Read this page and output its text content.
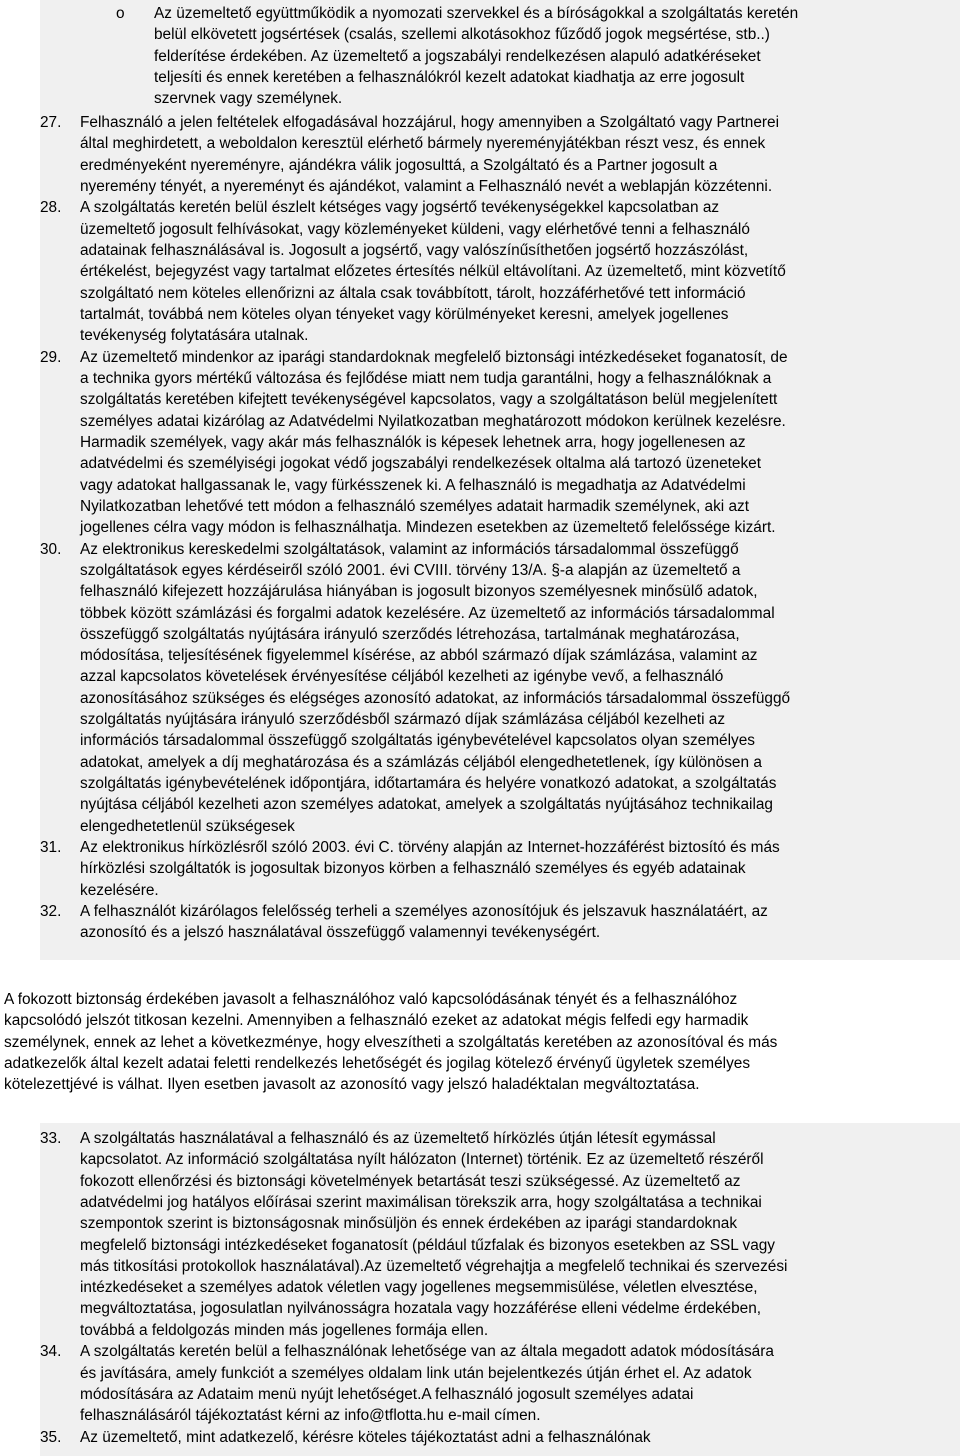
o Az üzemeltető együttműködik a nyomozati szervekkel és a bíróságokkal a szolgáltatás keretén
belül elkövetett jogsértések (csalás, szellemi alkotásokhoz fűződő jogok megsértése, stb..)
felderítése érdekében. Az üzemeltető a jogszabályi rendelkezésen alapuló adatkéréseket
teljesíti és ennek keretében a felhasználókról kezelt adatokat kiadhatja az erre jogosult
szervnek vagy személynek.
27. Felhasználó a jelen feltételek elfogadásával hozzájárul, hogy amennyiben a Szolgáltató vagy Partnerei
által meghirdetett, a weboldalon keresztül elérhető bármely nyereményjátékban részt vesz, és ennek
eredményeként nyereményre, ajándékra válik jogosulttá, a Szolgáltató és a Partner jogosult a
nyeremény tényét, a nyereményt és ajándékot, valamint a Felhasználó nevét a weblapján közzétenni.
28. A szolgáltatás keretén belül észlelt kétséges vagy jogsértő tevékenységekkel kapcsolatban az
üzemeltető jogosult felhívásokat, vagy közleményeket küldeni, vagy elérhetővé tenni a felhasználó
adatainak felhasználásával is. Jogosult a jogsértő, vagy valószínűsíthetően jogsértő hozzászólást,
értékelést, bejegyzést vagy tartalmat előzetes értesítés nélkül eltávolítani. Az üzemeltető, mint közvetítő
szolgáltató nem köteles ellenőrizni az általa csak továbbított, tárolt, hozzáférhetővé tett információ
tartalmát, továbbá nem köteles olyan tényeket vagy körülményeket keresni, amelyek jogellenes
tevékenység folytatására utalnak.
29. Az üzemeltető mindenkor az iparági standardoknak megfelelő biztonsági intézkedéseket foganatosít, de
a technika gyors mértékű változása és fejlődése miatt nem tudja garantálni, hogy a felhasználóknak a
szolgáltatás keretében kifejtett tevékenységével kapcsolatos, vagy a szolgáltatáson belül megjelenített
személyes adatai kizárólag az Adatvédelmi Nyilatkozatban meghatározott módokon kerülnek kezelésre.
Harmadik személyek, vagy akár más felhasználók is képesek lehetnek arra, hogy jogellenesen az
adatvédelmi és személyiségi jogokat védő jogszabályi rendelkezések oltalma alá tartozó üzeneteket
vagy adatokat hallgassanak le, vagy fürkésszenek ki. A felhasználó is megadhatja az Adatvédelmi
Nyilatkozatban lehetővé tett módon a felhasználó személyes adatait harmadik személynek, aki azt
jogellenes célra vagy módon is felhasználhatja. Mindezen esetekben az üzemeltető felelőssége kizárt.
30. Az elektronikus kereskedelmi szolgáltatások, valamint az információs társadalommal összefüggő
szolgáltatások egyes kérdéseiről szóló 2001. évi CVIII. törvény 13/A. §-a alapján az üzemeltető a
felhasználó kifejezett hozzájárulása hiányában is jogosult bizonyos személyesnek minősülő adatok,
többek között számlázási és forgalmi adatok kezelésére. Az üzemeltető az információs társadalommal
összefüggő szolgáltatás nyújtására irányuló szerződés létrehozása, tartalmának meghatározása,
módosítása, teljesítésének figyelemmel kísérése, az abból származó díjak számlázása, valamint az
azzal kapcsolatos követelések érvényesítése céljából kezelheti az igénybe vevő, a felhasználó
azonosításához szükséges és elégséges azonosító adatokat, az információs társadalommal összefüggő
szolgáltatás nyújtására irányuló szerződésből származó díjak számlázása céljából kezelheti az
információs társadalommal összefüggő szolgáltatás igénybevételével kapcsolatos olyan személyes
adatokat, amelyek a díj meghatározása és a számlázás céljából elengedhetetlenek, így különösen a
szolgáltatás igénybevételének időpontjára, időtartamára és helyére vonatkozó adatokat, a szolgáltatás
nyújtása céljából kezelheti azon személyes adatokat, amelyek a szolgáltatás nyújtásához technikailag
elengedhetetlenül szükségesek
31. Az elektronikus hírközlésről szóló 2003. évi C. törvény alapján az Internet-hozzáférést biztosító és más
hírközlési szolgáltatók is jogosultak bizonyos körben a felhasználó személyes és egyéb adatainak
kezelésére.
32. A felhasználót kizárólagos felelősség terheli a személyes azonosítójuk és jelszavuk használatáért, az
azonosító és a jelszó használatával összefüggő valamennyi tevékenységért.
A fokozott biztonság érdekében javasolt a felhasználóhoz való kapcsolódásának tényét és a felhasználóhoz
kapcsolódó jelszót titkosan kezelni. Amennyiben a felhasználó ezeket az adatokat mégis felfedi egy harmadik
személynek, ennek az lehet a következménye, hogy elveszítheti a szolgáltatás keretében az azonosítóval és más
adatkezelők által kezelt adatai feletti rendelkezés lehetőségét és jogilag kötelező érvényű ügyletek személyes
kötelezettjévé is válhat. Ilyen esetben javasolt az azonosító vagy jelszó haladéktalan megváltoztatása.
33. A szolgáltatás használatával a felhasználó és az üzemeltető hírközlés útján létesít egymással
kapcsolatot. Az információ szolgáltatása nyílt hálózaton (Internet) történik. Ez az üzemeltető részéről
fokozott ellenőrzési és biztonsági követelmények betartását teszi szükségessé. Az üzemeltető az
adatvédelmi jog hatályos előírásai szerint maximálisan törekszik arra, hogy szolgáltatása a technikai
szempontok szerint is biztonságosnak minősüljön és ennek érdekében az iparági standardoknak
megfelelő biztonsági intézkedéseket foganatosít (például tűzfalak és bizonyos esetekben az SSL vagy
más titkosítási protokollok használatával).Az üzemeltető végrehajtja a megfelelő technikai és szervezési
intézkedéseket a személyes adatok véletlen vagy jogellenes megsemmisülése, véletlen elvesztése,
megváltoztatása, jogosulatlan nyilvánosságra hozatala vagy hozzáférése elleni védelme érdekében,
továbbá a feldolgozás minden más jogellenes formája ellen.
34. A szolgáltatás keretén belül a felhasználónak lehetősége van az általa megadott adatok módosítására
és javítására, amely funkciót a személyes oldalam link után bejelentkezés útján érhet el. Az adatok
módosítására az Adataim menü nyújt lehetőséget.A felhasználó jogosult személyes adatai
felhasználásáról tájékoztatást kérni az info@tflotta.hu e-mail címen.
35. Az üzemeltető, mint adatkezelő, kérésre köteles tájékoztatást adni a felhasználónak
